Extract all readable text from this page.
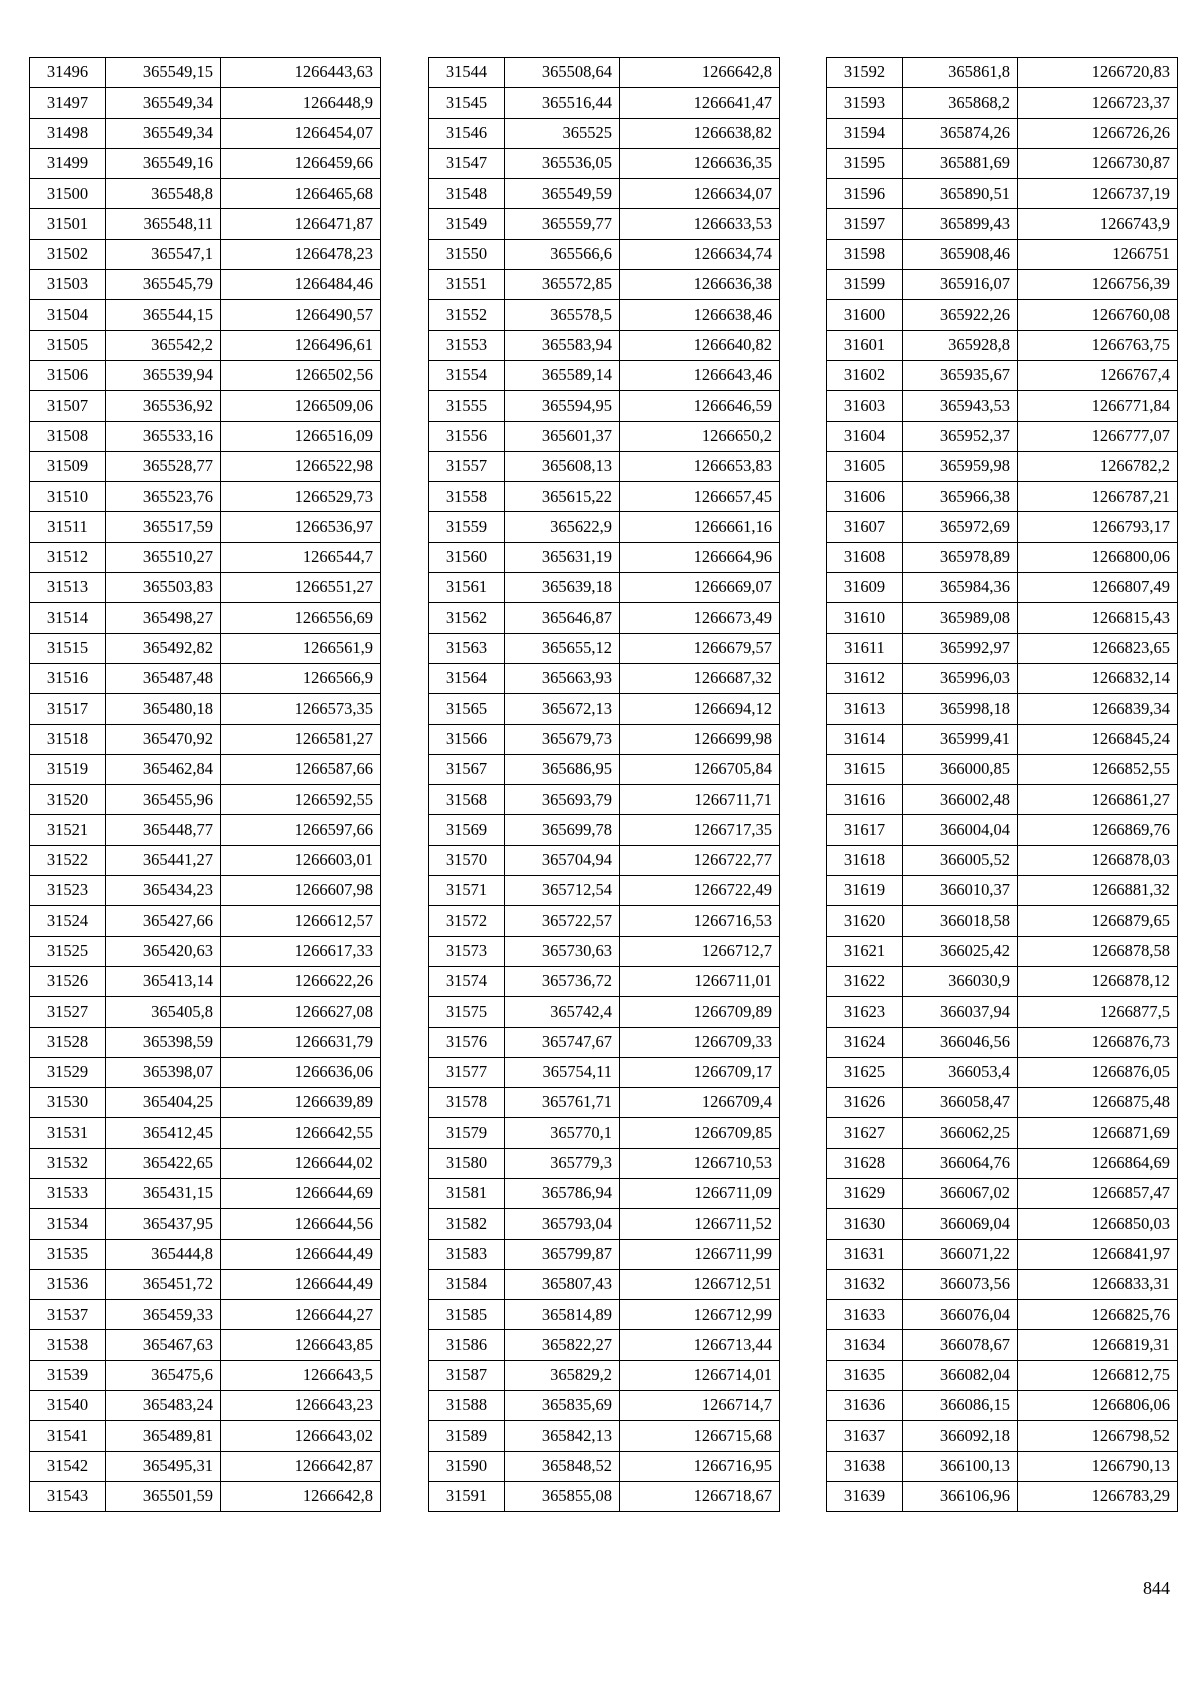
31496	365549,15	1266443,63
31497	365549,34	1266448,9
31498	365549,34	1266454,07
31499	365549,16	1266459,66
31500	365548,8	1266465,68
31501	365548,11	1266471,87
31502	365547,1	1266478,23
31503	365545,79	1266484,46
31504	365544,15	1266490,57
31505	365542,2	1266496,61
31506	365539,94	1266502,56
31507	365536,92	1266509,06
31508	365533,16	1266516,09
31509	365528,77	1266522,98
31510	365523,76	1266529,73
31511	365517,59	1266536,97
31512	365510,27	1266544,7
31513	365503,83	1266551,27
31514	365498,27	1266556,69
31515	365492,82	1266561,9
31516	365487,48	1266566,9
31517	365480,18	1266573,35
31518	365470,92	1266581,27
31519	365462,84	1266587,66
31520	365455,96	1266592,55
31521	365448,77	1266597,66
31522	365441,27	1266603,01
31523	365434,23	1266607,98
31524	365427,66	1266612,57
31525	365420,63	1266617,33
31526	365413,14	1266622,26
31527	365405,8	1266627,08
31528	365398,59	1266631,79
31529	365398,07	1266636,06
31530	365404,25	1266639,89
31531	365412,45	1266642,55
31532	365422,65	1266644,02
31533	365431,15	1266644,69
31534	365437,95	1266644,56
31535	365444,8	1266644,49
31536	365451,72	1266644,49
31537	365459,33	1266644,27
31538	365467,63	1266643,85
31539	365475,6	1266643,5
31540	365483,24	1266643,23
31541	365489,81	1266643,02
31542	365495,31	1266642,87
31543	365501,59	1266642,8
31544	365508,64	1266642,8
31545	365516,44	1266641,47
31546	365525	1266638,82
31547	365536,05	1266636,35
31548	365549,59	1266634,07
31549	365559,77	1266633,53
31550	365566,6	1266634,74
31551	365572,85	1266636,38
31552	365578,5	1266638,46
31553	365583,94	1266640,82
31554	365589,14	1266643,46
31555	365594,95	1266646,59
31556	365601,37	1266650,2
31557	365608,13	1266653,83
31558	365615,22	1266657,45
31559	365622,9	1266661,16
31560	365631,19	1266664,96
31561	365639,18	1266669,07
31562	365646,87	1266673,49
31563	365655,12	1266679,57
31564	365663,93	1266687,32
31565	365672,13	1266694,12
31566	365679,73	1266699,98
31567	365686,95	1266705,84
31568	365693,79	1266711,71
31569	365699,78	1266717,35
31570	365704,94	1266722,77
31571	365712,54	1266722,49
31572	365722,57	1266716,53
31573	365730,63	1266712,7
31574	365736,72	1266711,01
31575	365742,4	1266709,89
31576	365747,67	1266709,33
31577	365754,11	1266709,17
31578	365761,71	1266709,4
31579	365770,1	1266709,85
31580	365779,3	1266710,53
31581	365786,94	1266711,09
31582	365793,04	1266711,52
31583	365799,87	1266711,99
31584	365807,43	1266712,51
31585	365814,89	1266712,99
31586	365822,27	1266713,44
31587	365829,2	1266714,01
31588	365835,69	1266714,7
31589	365842,13	1266715,68
31590	365848,52	1266716,95
31591	365855,08	1266718,67
31592	365861,8	1266720,83
31593	365868,2	1266723,37
31594	365874,26	1266726,26
31595	365881,69	1266730,87
31596	365890,51	1266737,19
31597	365899,43	1266743,9
31598	365908,46	1266751
31599	365916,07	1266756,39
31600	365922,26	1266760,08
31601	365928,8	1266763,75
31602	365935,67	1266767,4
31603	365943,53	1266771,84
31604	365952,37	1266777,07
31605	365959,98	1266782,2
31606	365966,38	1266787,21
31607	365972,69	1266793,17
31608	365978,89	1266800,06
31609	365984,36	1266807,49
31610	365989,08	1266815,43
31611	365992,97	1266823,65
31612	365996,03	1266832,14
31613	365998,18	1266839,34
31614	365999,41	1266845,24
31615	366000,85	1266852,55
31616	366002,48	1266861,27
31617	366004,04	1266869,76
31618	366005,52	1266878,03
31619	366010,37	1266881,32
31620	366018,58	1266879,65
31621	366025,42	1266878,58
31622	366030,9	1266878,12
31623	366037,94	1266877,5
31624	366046,56	1266876,73
31625	366053,4	1266876,05
31626	366058,47	1266875,48
31627	366062,25	1266871,69
31628	366064,76	1266864,69
31629	366067,02	1266857,47
31630	366069,04	1266850,03
31631	366071,22	1266841,97
31632	366073,56	1266833,31
31633	366076,04	1266825,76
31634	366078,67	1266819,31
31635	366082,04	1266812,75
31636	366086,15	1266806,06
31637	366092,18	1266798,52
31638	366100,13	1266790,13
31639	366106,96	1266783,29
844
